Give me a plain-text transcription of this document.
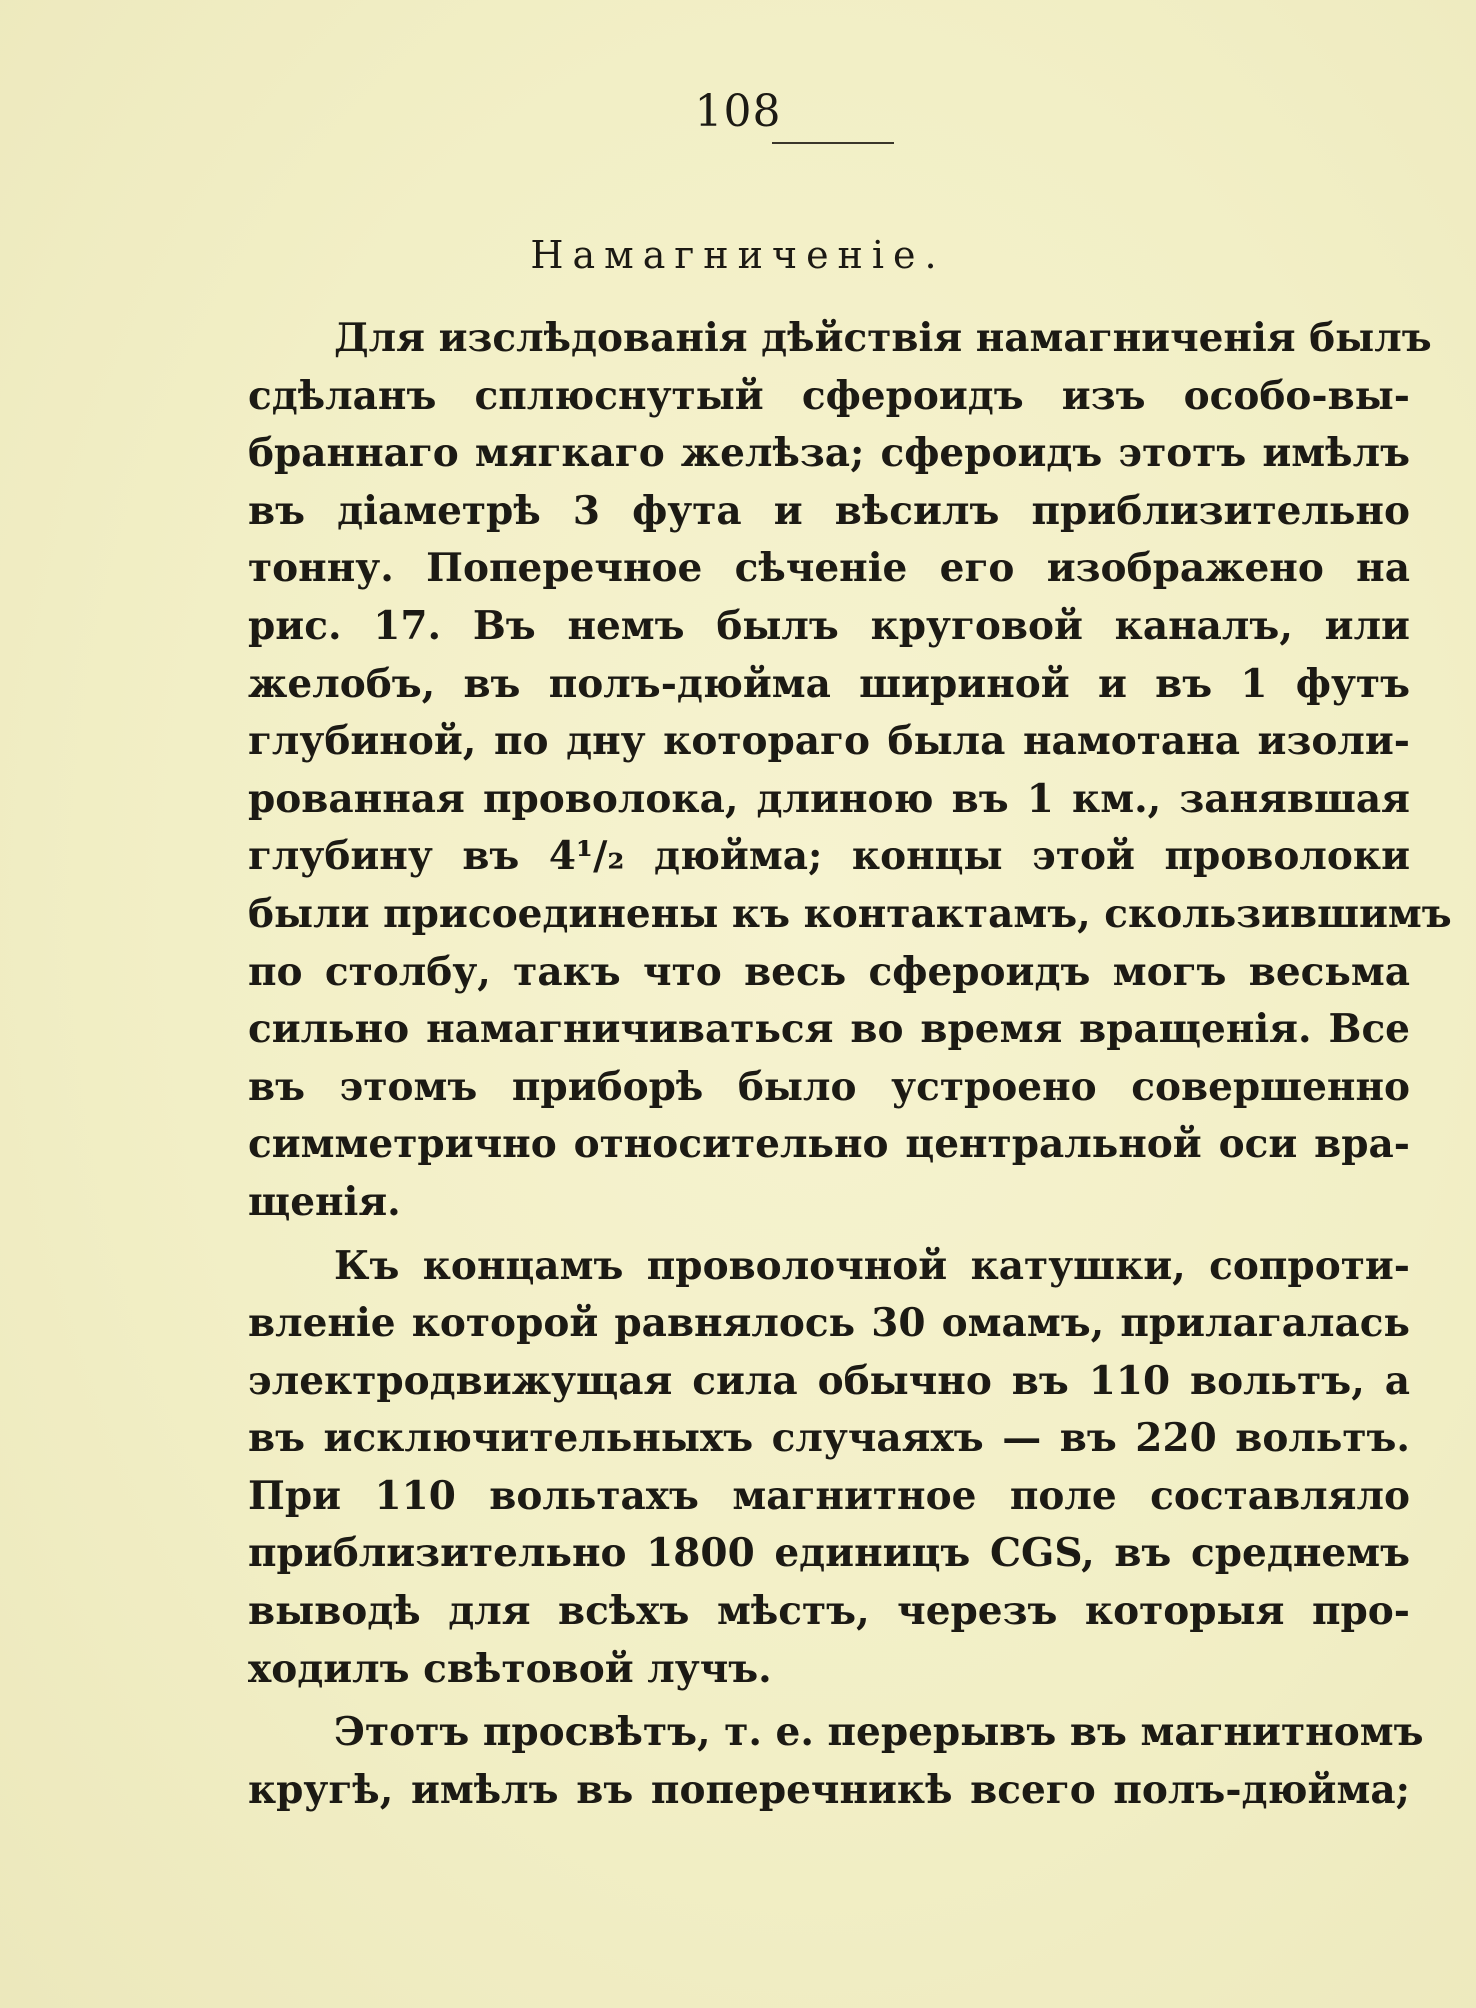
108
Намагниченіе.
Для изслѣдованія дѣйствія намагниченія былъ
сдѣланъ сплюснутый сфероидъ изъ особо-вы-
браннаго мягкаго желѣза; сфероидъ этотъ имѣлъ
въ діаметрѣ 3 фута и вѣсилъ приблизительно
тонну. Поперечное сѣченіе его изображено на
рис. 17. Въ немъ былъ круговой каналъ, или
желобъ, въ полъ-дюйма шириной и въ 1 футъ
глубиной, по дну котораго была намотана изоли-
рованная проволока, длиною въ 1 км., занявшая
глубину въ 4¹/₂ дюйма; концы этой проволоки
были присоединены къ контактамъ, скользившимъ
по столбу, такъ что весь сфероидъ могъ весьма
сильно намагничиваться во время вращенія. Все
въ этомъ приборѣ было устроено совершенно
симметрично относительно центральной оси вра-
щенія.
Къ концамъ проволочной катушки, сопроти-
вленіе которой равнялось 30 омамъ, прилагалась
электродвижущая сила обычно въ 110 вольтъ, а
въ исключительныхъ случаяхъ — въ 220 вольтъ.
При 110 вольтахъ магнитное поле составляло
приблизительно 1800 единицъ CGS, въ среднемъ
выводѣ для всѣхъ мѣстъ, черезъ которыя про-
ходилъ свѣтовой лучъ.
Этотъ просвѣтъ, т. е. перерывъ въ магнитномъ
кругѣ, имѣлъ въ поперечникѣ всего полъ-дюйма;
